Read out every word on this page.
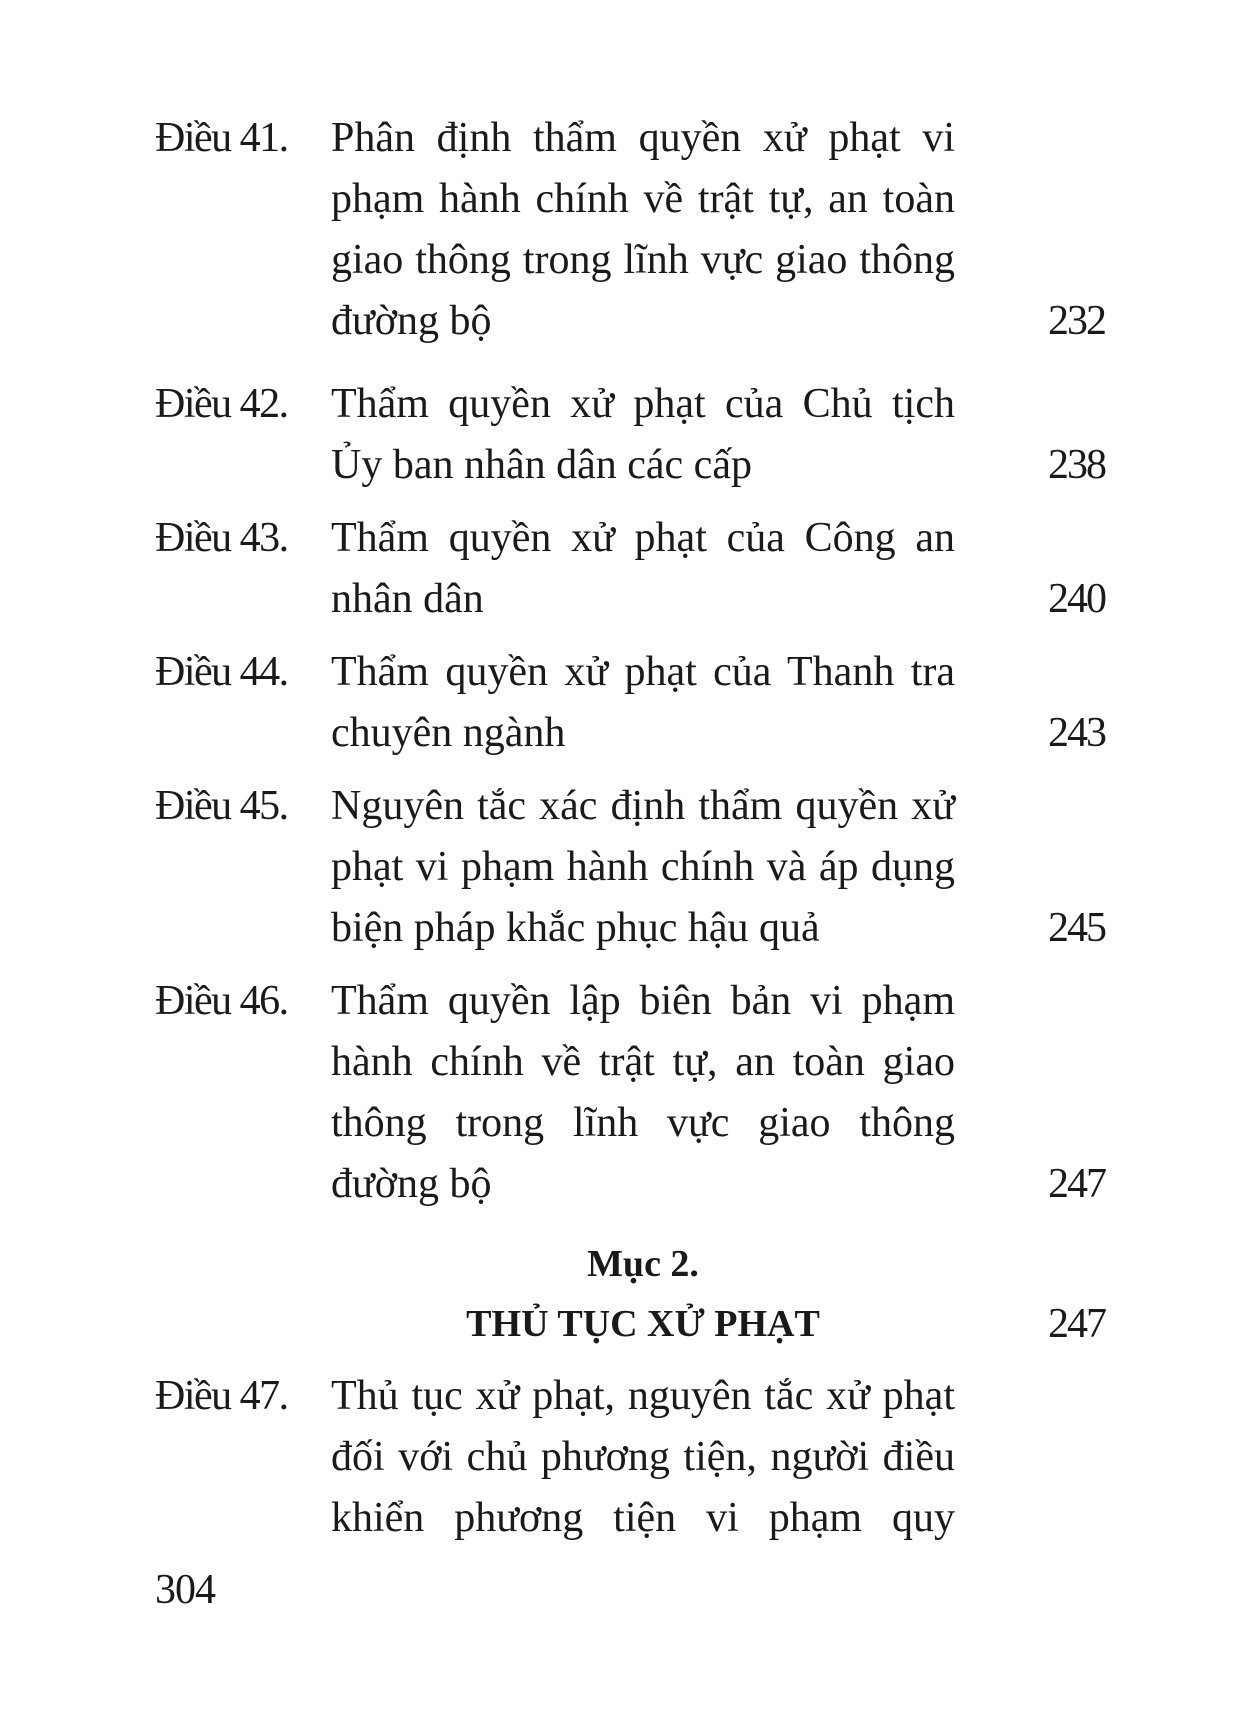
Điều 41.	Phân định thẩm quyền xử phạt vi
phạm hành chính về trật tự, an toàn
giao thông trong lĩnh vực giao thông
đường bộ	232
Điều 42.	Thẩm quyền xử phạt của Chủ tịch
Ủy ban nhân dân các cấp	238
Điều 43.	Thẩm quyền xử phạt của Công an
nhân dân	240
Điều 44.	Thẩm quyền xử phạt của Thanh tra
chuyên ngành	243
Điều 45.	Nguyên tắc xác định thẩm quyền xử
phạt vi phạm hành chính và áp dụng
biện pháp khắc phục hậu quả	245
Điều 46.	Thẩm quyền lập biên bản vi phạm
hành chính về trật tự, an toàn giao
thông trong lĩnh vực giao thông
đường bộ	247
Mục 2.
THỦ TỤC XỬ PHẠT	247
Điều 47.	Thủ tục xử phạt, nguyên tắc xử phạt
đối với chủ phương tiện, người điều
khiển phương tiện vi phạm quy
304
